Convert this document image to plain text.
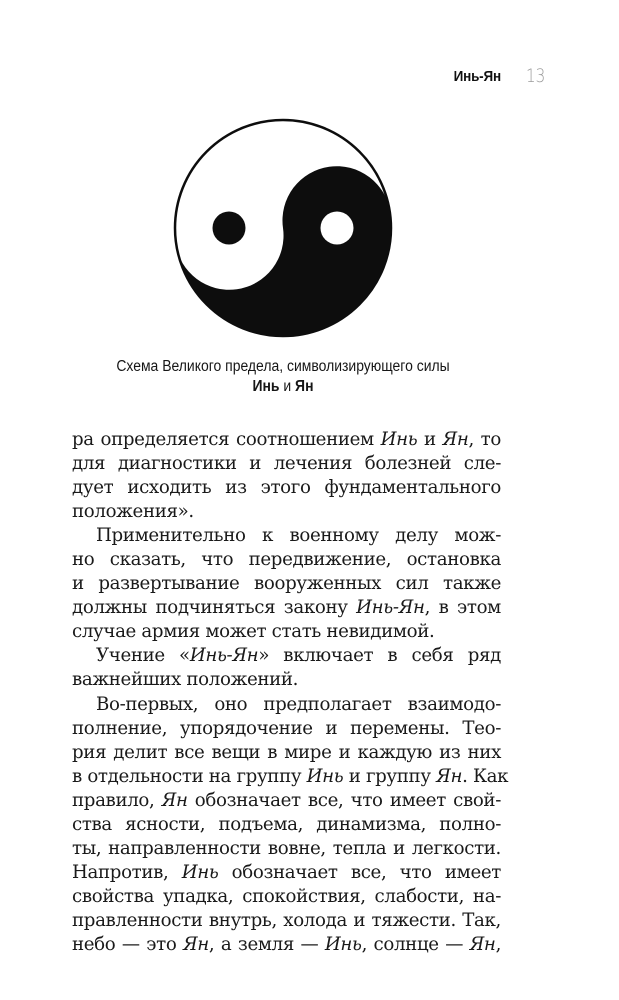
Инь-Ян 13
Схема Великого предела, символизирующего силы
Инь и Ян
ра определяется соотношением Инь и Ян, то
для диагностики и лечения болезней сле-
дует исходить из этого фундаментального
положения».
Применительно к военному делу мож-
но сказать, что передвижение, остановка
и развертывание вооруженных сил также
должны подчиняться закону Инь-Ян, в этом
случае армия может стать невидимой.
Учение «Инь-Ян» включает в себя ряд
важнейших положений.
Во-первых, оно предполагает взаимодо-
полнение, упорядочение и перемены. Тео-
рия делит все вещи в мире и каждую из них
в отдельности на группу Инь и группу Ян. Как
правило, Ян обозначает все, что имеет свой-
ства ясности, подъема, динамизма, полно-
ты, направленности вовне, тепла и легкости.
Напротив, Инь обозначает все, что имеет
свойства упадка, спокойствия, слабости, на-
правленности внутрь, холода и тяжести. Так,
небо — это Ян, а земля — Инь, солнце — Ян,
